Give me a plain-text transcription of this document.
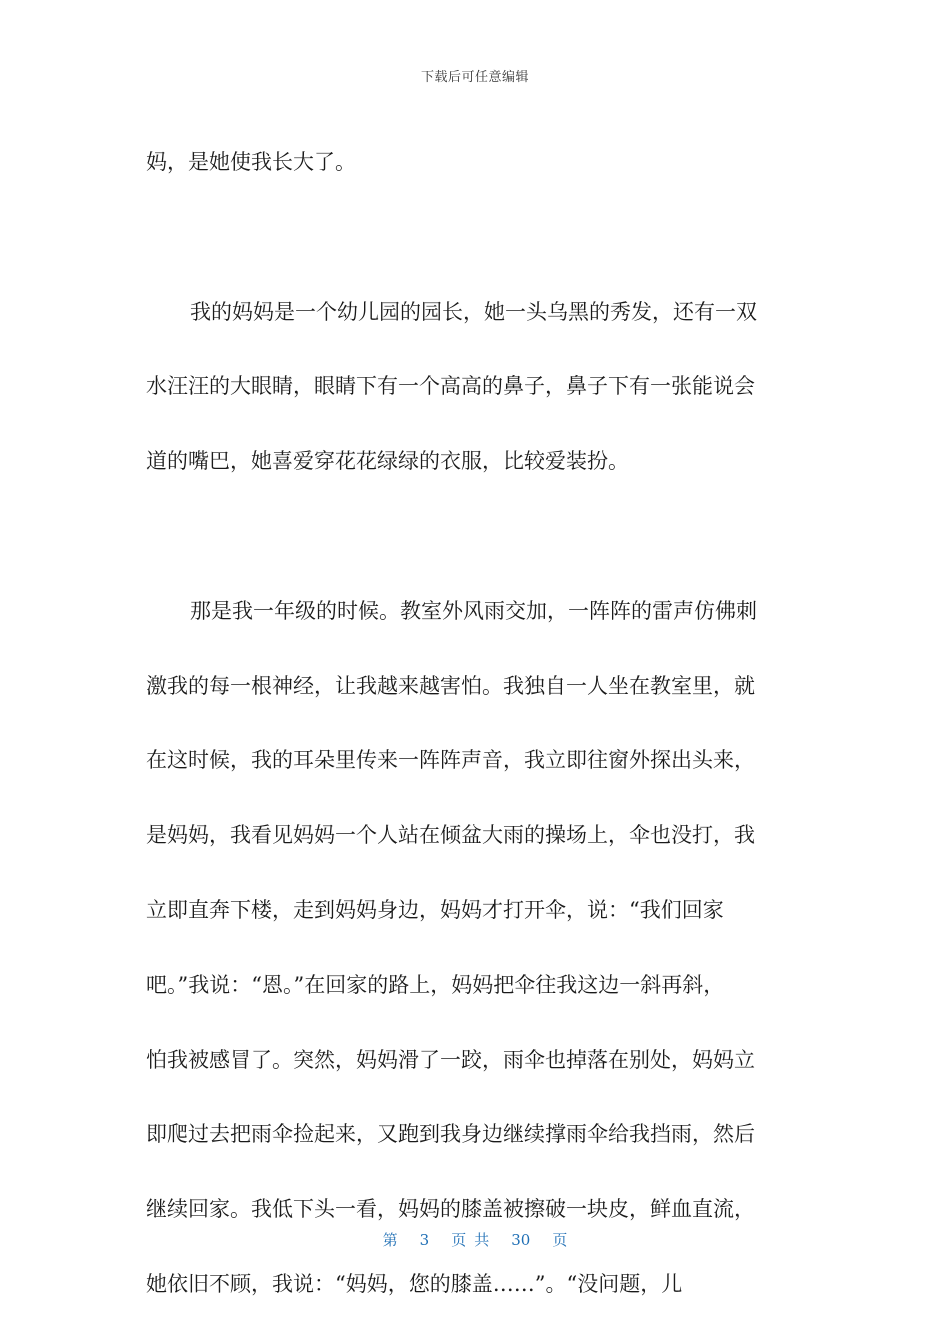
下载后可任意编辑
妈，是她使我长大了。
我的妈妈是一个幼儿园的园长，她一头乌黑的秀发，还有一双
水汪汪的大眼睛，眼睛下有一个高高的鼻子，鼻子下有一张能说会
道的嘴巴，她喜爱穿花花绿绿的衣服，比较爱装扮。
那是我一年级的时候。教室外风雨交加，一阵阵的雷声仿佛刺
激我的每一根神经，让我越来越害怕。我独自一人坐在教室里，就
在这时候，我的耳朵里传来一阵阵声音，我立即往窗外探出头来，
是妈妈，我看见妈妈一个人站在倾盆大雨的操场上，伞也没打，我
立即直奔下楼，走到妈妈身边，妈妈才打开伞，说：“我们回家
吧。”我说：“恩。”在回家的路上，妈妈把伞往我这边一斜再斜，
怕我被感冒了。突然，妈妈滑了一跤，雨伞也掉落在别处，妈妈立
即爬过去把雨伞捡起来，又跑到我身边继续撑雨伞给我挡雨，然后
继续回家。我低下头一看，妈妈的膝盖被擦破一块皮，鲜血直流，
她依旧不顾，我说：“妈妈，您的膝盖……”。“没问题，儿
第 3 页 共 30 页
